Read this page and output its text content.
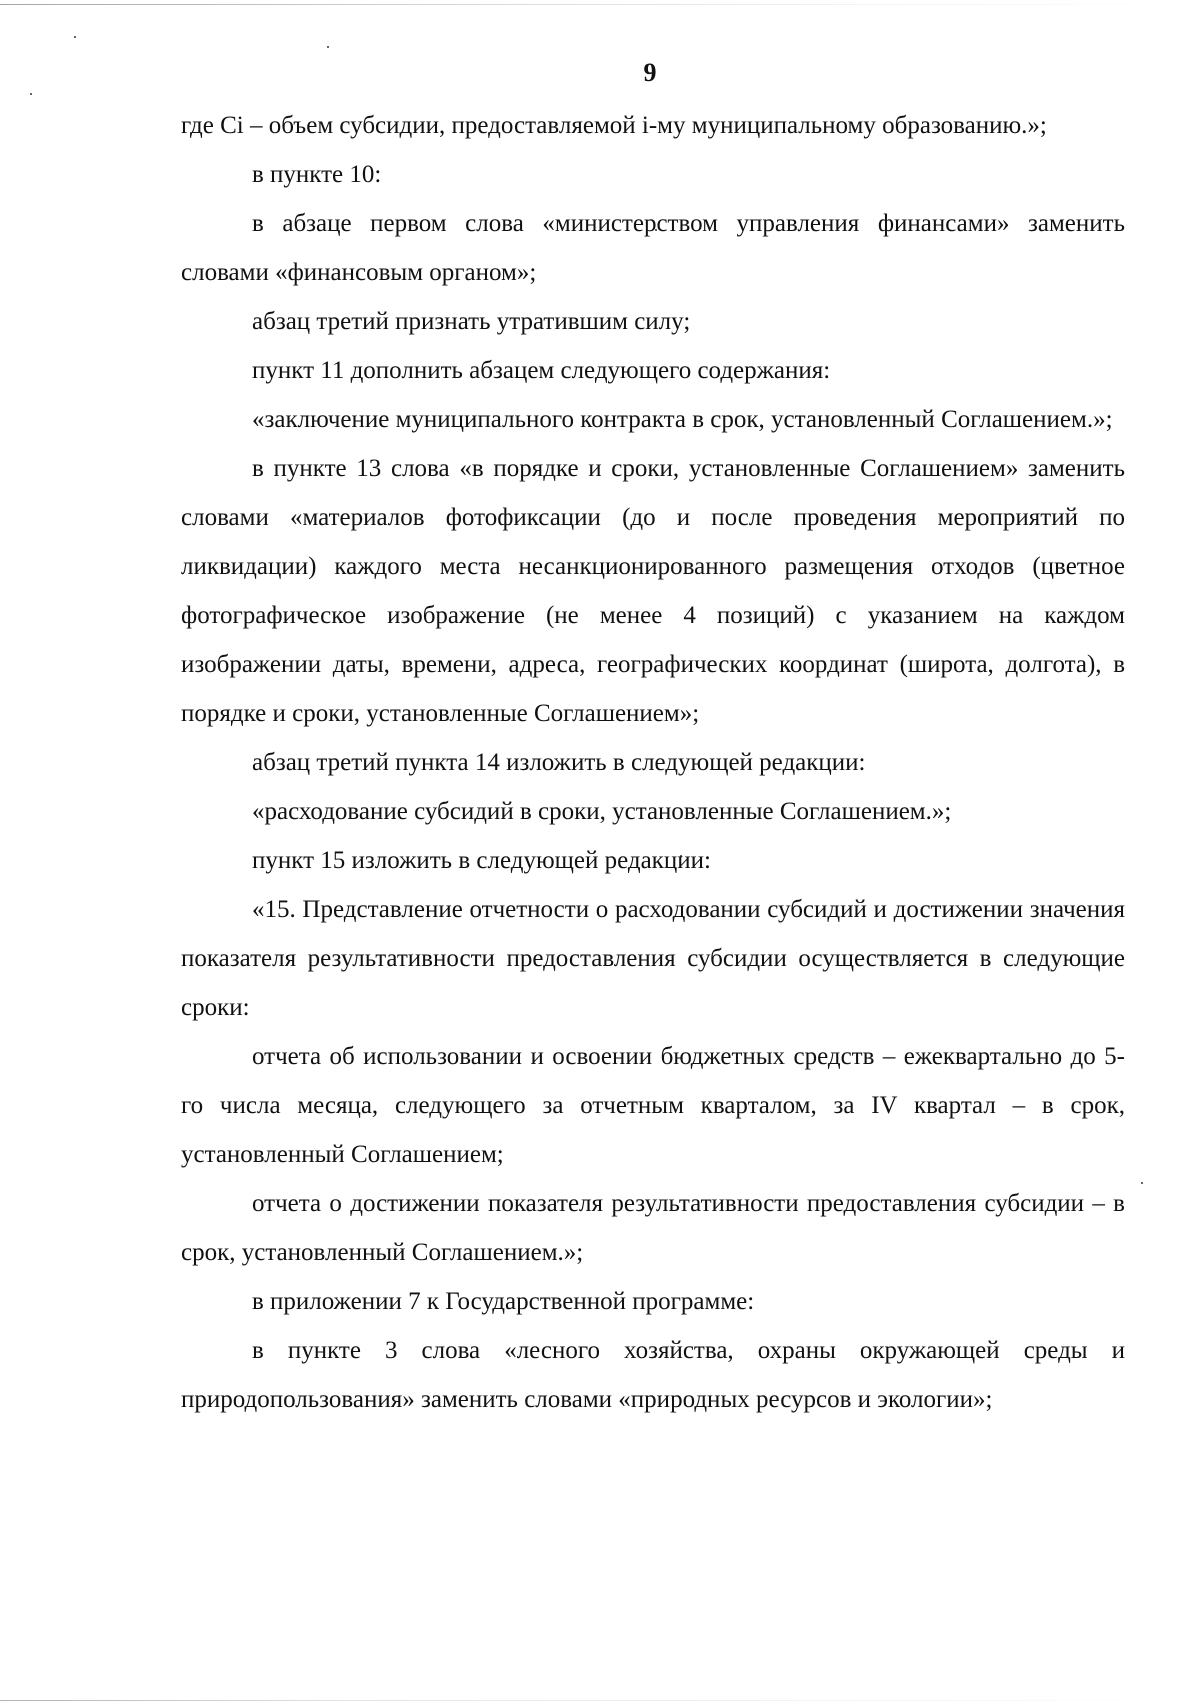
9

где Ci – объем субсидии, предоставляемой i-му муниципальному образованию.»;

в пункте 10:

в абзаце первом слова «министерством управления финансами» заменить словами «финансовым органом»;

абзац третий признать утратившим силу;

пункт 11 дополнить абзацем следующего содержания:

«заключение муниципального контракта в срок, установленный Соглашением.»;

в пункте 13 слова «в порядке и сроки, установленные Соглашением» заменить словами «материалов фотофиксации (до и после проведения мероприятий по ликвидации) каждого места несанкционированного размещения отходов (цветное фотографическое изображение (не менее 4 позиций) с указанием на каждом изображении даты, времени, адреса, географических координат (широта, долгота), в порядке и сроки, установленные Соглашением»;

абзац третий пункта 14 изложить в следующей редакции:

«расходование субсидий в сроки, установленные Соглашением.»;

пункт 15 изложить в следующей редакции:

«15. Представление отчетности о расходовании субсидий и достижении значения показателя результативности предоставления субсидии осуществляется в следующие сроки:

отчета об использовании и освоении бюджетных средств – ежеквартально до 5-го числа месяца, следующего за отчетным кварталом, за IV квартал – в срок, установленный Соглашением;

отчета о достижении показателя результативности предоставления субсидии – в срок, установленный Соглашением.»;

в приложении 7 к Государственной программе:

в пункте 3 слова «лесного хозяйства, охраны окружающей среды и природопользования» заменить словами «природных ресурсов и экологии»;
